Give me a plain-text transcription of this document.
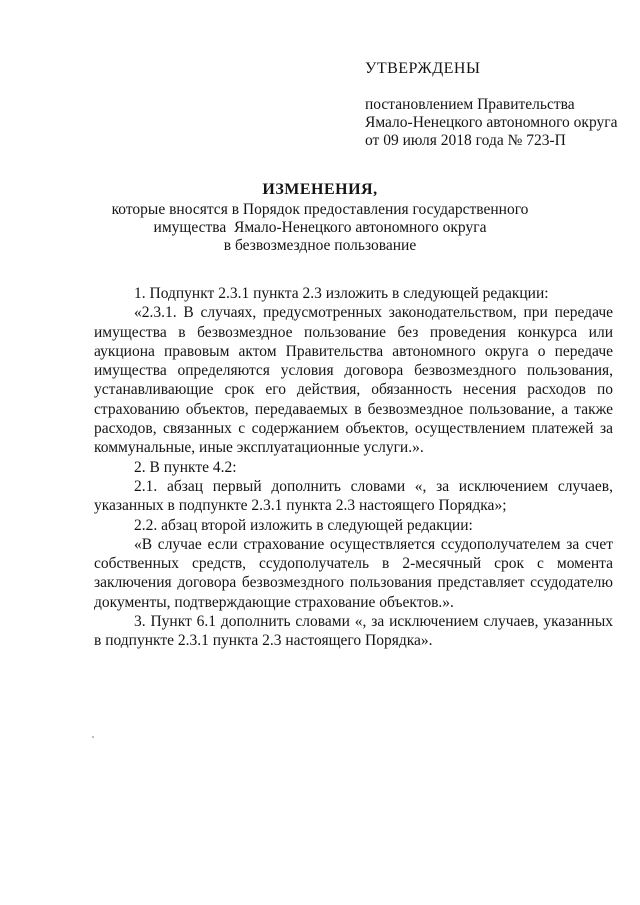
УТВЕРЖДЕНЫ
постановлением Правительства
Ямало-Ненецкого автономного округа
от 09 июля 2018 года № 723-П
ИЗМЕНЕНИЯ,
которые вносятся в Порядок предоставления государственного
имущества  Ямало-Ненецкого автономного округа
в безвозмездное пользование

1. Подпункт 2.3.1 пункта 2.3 изложить в следующей редакции:

«2.3.1. В случаях, предусмотренных законодательством, при передаче имущества в безвозмездное пользование без проведения конкурса или аукциона правовым актом Правительства автономного округа о передаче имущества определяются условия договора безвозмездного пользования, устанавливающие срок его действия, обязанность несения расходов по страхованию объектов, передаваемых в безвозмездное пользование, а также расходов, связанных с содержанием объектов, осуществлением платежей за коммунальные, иные эксплуатационные услуги.».

2. В пункте 4.2:

2.1. абзац первый дополнить словами «, за исключением случаев, указанных в подпункте 2.3.1 пункта 2.3 настоящего Порядка»;

2.2. абзац второй изложить в следующей редакции:

«В случае если страхование осуществляется ссудополучателем за счет собственных средств, ссудополучатель в 2-месячный срок с момента заключения договора безвозмездного пользования представляет ссудодателю документы, подтверждающие страхование объектов.».

3. Пункт 6.1 дополнить словами «, за исключением случаев, указанных в подпункте 2.3.1 пункта 2.3 настоящего Порядка».
